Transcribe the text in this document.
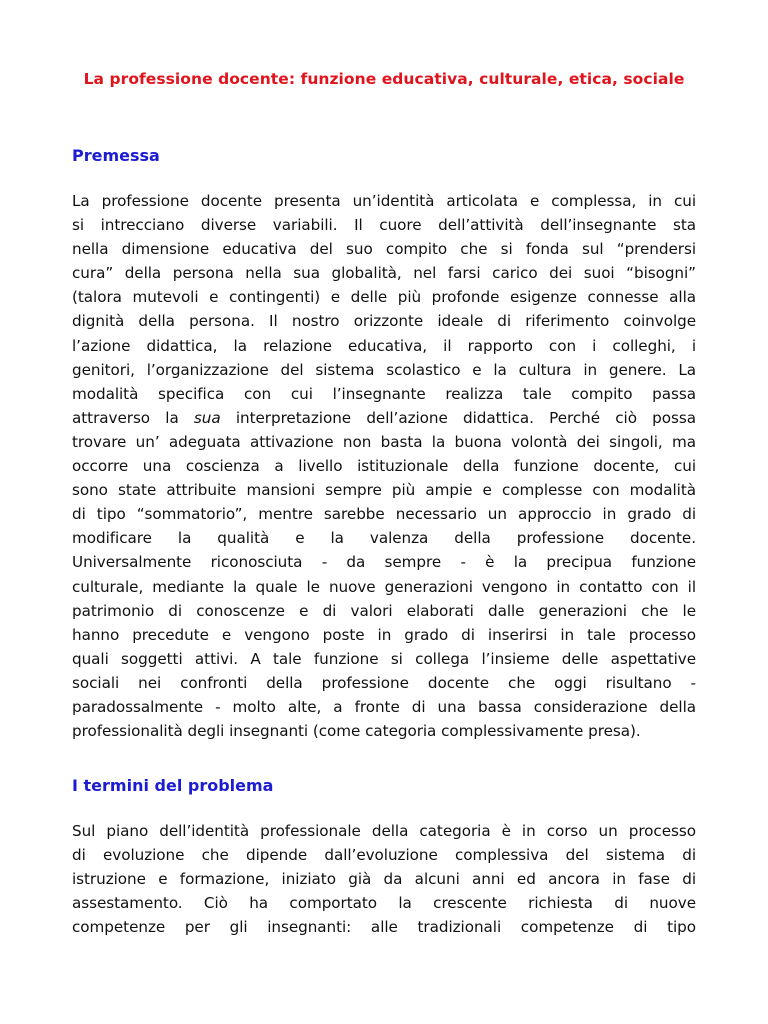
La professione docente: funzione educativa, culturale, etica, sociale
Premessa
La professione docente presenta un’identità articolata e complessa, in cui
si intrecciano diverse variabili. Il cuore dell’attività dell’insegnante sta
nella dimensione educativa del suo compito che si fonda sul “prendersi
cura” della persona nella sua globalità, nel farsi carico dei suoi “bisogni”
(talora mutevoli e contingenti) e delle più profonde esigenze connesse alla
dignità della persona. Il nostro orizzonte ideale di riferimento coinvolge
l’azione didattica, la relazione educativa, il rapporto con i colleghi, i
genitori, l’organizzazione del sistema scolastico e la cultura in genere. La
modalità specifica con cui l’insegnante realizza tale compito passa
attraverso la sua interpretazione dell’azione didattica. Perché ciò possa
trovare un’ adeguata attivazione non basta la buona volontà dei singoli, ma
occorre una coscienza a livello istituzionale della funzione docente, cui
sono state attribuite mansioni sempre più ampie e complesse con modalità
di tipo “sommatorio”, mentre sarebbe necessario un approccio in grado di
modificare la qualità e la valenza della professione docente.
Universalmente riconosciuta - da sempre - è la precipua funzione
culturale, mediante la quale le nuove generazioni vengono in contatto con il
patrimonio di conoscenze e di valori elaborati dalle generazioni che le
hanno precedute e vengono poste in grado di inserirsi in tale processo
quali soggetti attivi. A tale funzione si collega l’insieme delle aspettative
sociali nei confronti della professione docente che oggi risultano -
paradossalmente - molto alte, a fronte di una bassa considerazione della
professionalità degli insegnanti (come categoria complessivamente presa).
I termini del problema
Sul piano dell’identità professionale della categoria è in corso un processo
di evoluzione che dipende dall’evoluzione complessiva del sistema di
istruzione e formazione, iniziato già da alcuni anni ed ancora in fase di
assestamento. Ciò ha comportato la crescente richiesta di nuove
competenze per gli insegnanti: alle tradizionali competenze di tipo
